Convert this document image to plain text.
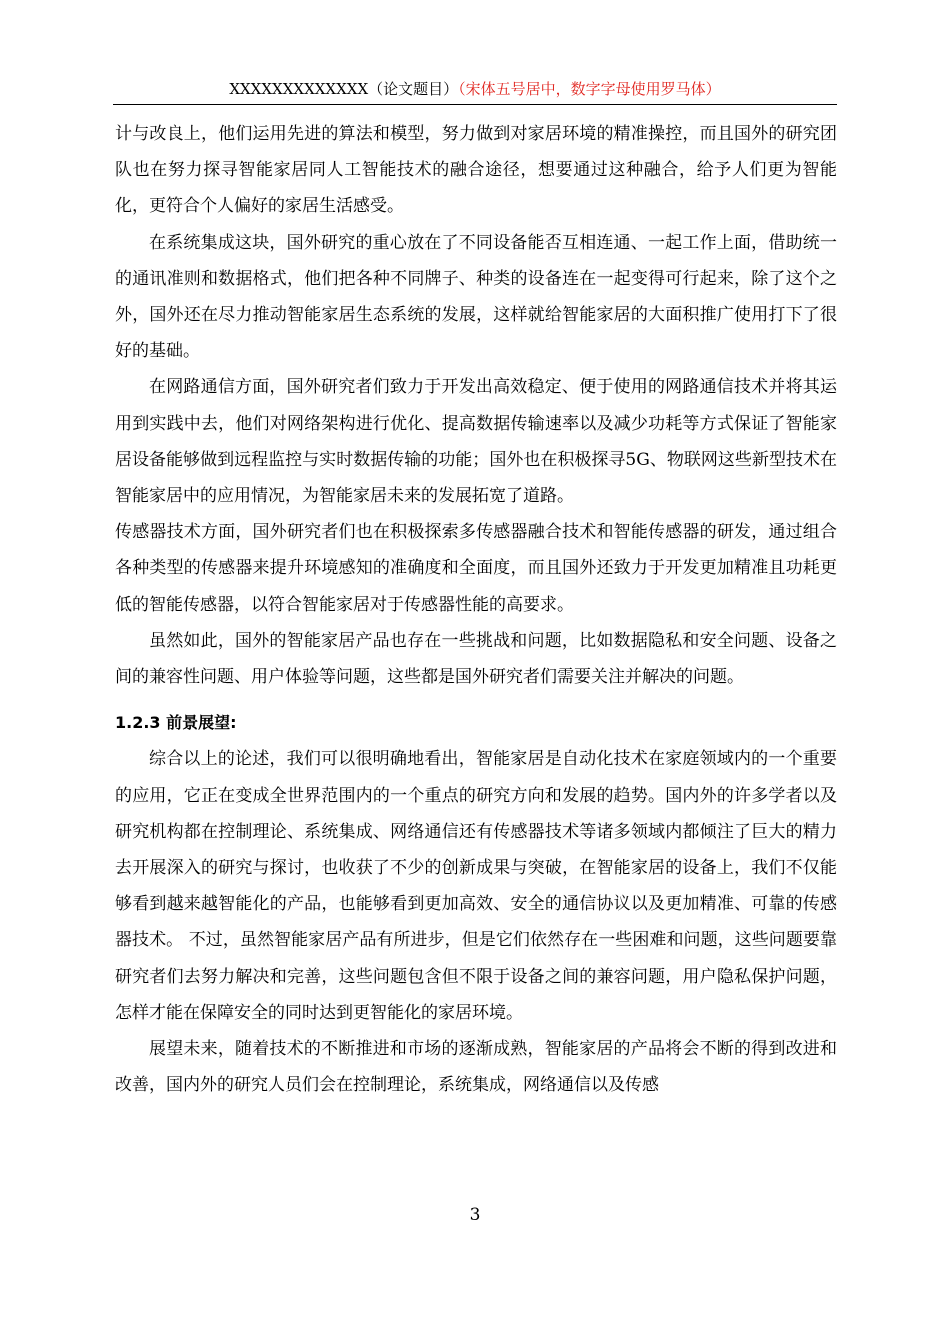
XXXXXXXXXXXXX（论文题目）（宋体五号居中，数字字母使用罗马体）

计与改良上，他们运用先进的算法和模型，努力做到对家居环境的精准操控，而且国外的研究团队也在努力探寻智能家居同人工智能技术的融合途径，想要通过这种融合，给予人们更为智能化，更符合个人偏好的家居生活感受。

在系统集成这块，国外研究的重心放在了不同设备能否互相连通、一起工作上面，借助统一的通讯准则和数据格式，他们把各种不同牌子、种类的设备连在一起变得可行起来，除了这个之外，国外还在尽力推动智能家居生态系统的发展，这样就给智能家居的大面积推广使用打下了很好的基础。

在网路通信方面，国外研究者们致力于开发出高效稳定、便于使用的网路通信技术并将其运用到实践中去，他们对网络架构进行优化、提高数据传输速率以及减少功耗等方式保证了智能家居设备能够做到远程监控与实时数据传输的功能；国外也在积极探寻5G、物联网这些新型技术在智能家居中的应用情况，为智能家居未来的发展拓宽了道路。

传感器技术方面，国外研究者们也在积极探索多传感器融合技术和智能传感器的研发，通过组合各种类型的传感器来提升环境感知的准确度和全面度，而且国外还致力于开发更加精准且功耗更低的智能传感器，以符合智能家居对于传感器性能的高要求。

虽然如此，国外的智能家居产品也存在一些挑战和问题，比如数据隐私和安全问题、设备之间的兼容性问题、用户体验等问题，这些都是国外研究者们需要关注并解决的问题。

1.2.3 前景展望:

综合以上的论述，我们可以很明确地看出，智能家居是自动化技术在家庭领域内的一个重要的应用，它正在变成全世界范围内的一个重点的研究方向和发展的趋势。国内外的许多学者以及研究机构都在控制理论、系统集成、网络通信还有传感器技术等诸多领域内都倾注了巨大的精力去开展深入的研究与探讨，也收获了不少的创新成果与突破，在智能家居的设备上，我们不仅能够看到越来越智能化的产品，也能够看到更加高效、安全的通信协议以及更加精准、可靠的传感器技术。 不过，虽然智能家居产品有所进步，但是它们依然存在一些困难和问题，这些问题要靠研究者们去努力解决和完善，这些问题包含但不限于设备之间的兼容问题，用户隐私保护问题，怎样才能在保障安全的同时达到更智能化的家居环境。

展望未来，随着技术的不断推进和市场的逐渐成熟，智能家居的产品将会不断的得到改进和改善，国内外的研究人员们会在控制理论，系统集成，网络通信以及传感

3
